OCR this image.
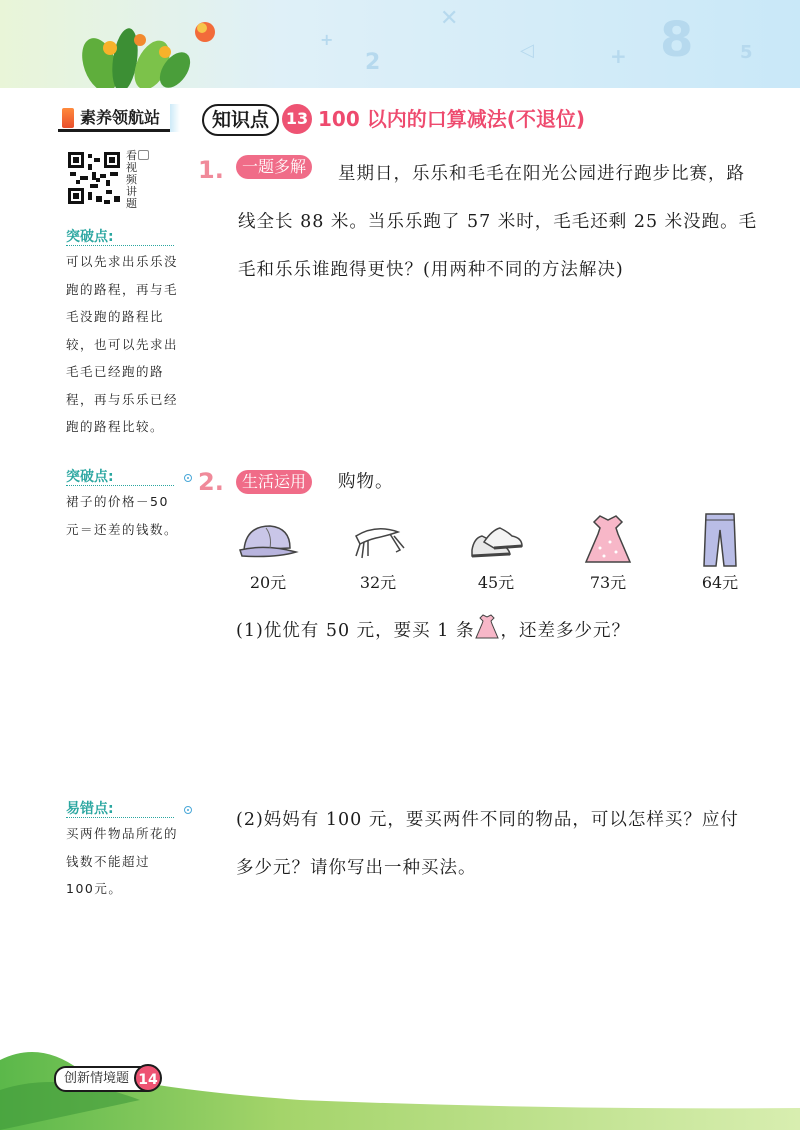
✕
2	◁	+ 8	5
+
素养领航站	知识点	13 100 以内的口算减法(不退位)
看视频讲题
突破点:
可以先求出乐乐没跑的路程，再与毛毛没跑的路程比较，也可以先求出毛毛已经跑的路程，再与乐乐已经跑的路程比较。
突破点:
裙子的价格－50元＝还差的钱数。
易错点:
买两件物品所花的钱数不能超过100元。
1.	一题多解	星期日，乐乐和毛毛在阳光公园进行跑步比赛，路线全长 88 米。当乐乐跑了 57 米时，毛毛还剩 25 米没跑。毛毛和乐乐谁跑得更快？(用两种不同的方法解决)
2.	生活运用	购物。
20元	32元	45元	73元	64元
(1)优优有 50 元，要买 1 条 ，还差多少元？
(2)妈妈有 100 元，要买两件不同的物品，可以怎样买？应付多少元？请你写出一种买法。
创新情境题 14
